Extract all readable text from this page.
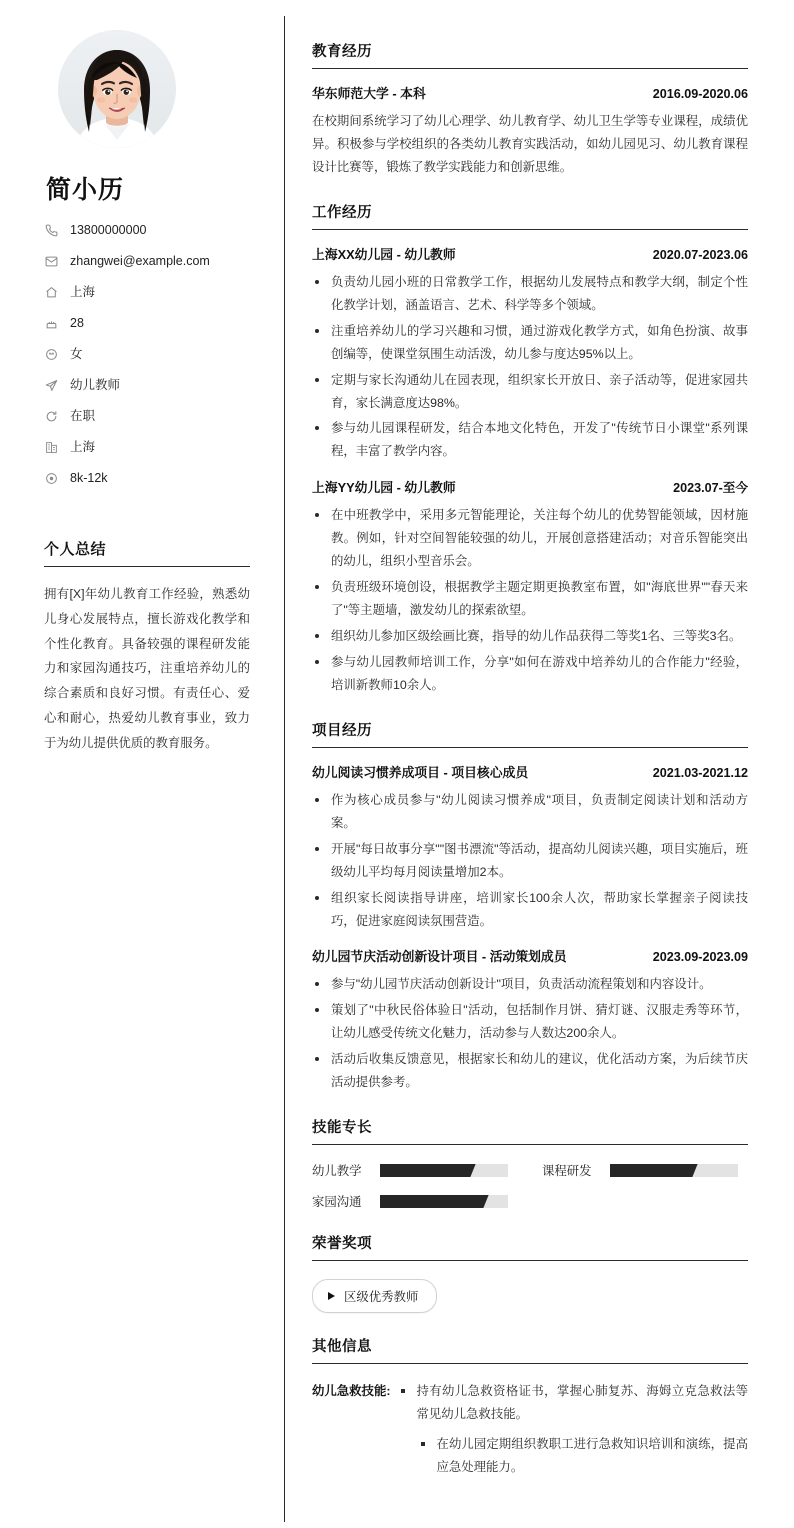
简小历
13800000000
zhangwei@example.com
上海
28
女
幼儿教师
在职
上海
8k-12k
个人总结

拥有[X]年幼儿教育工作经验，熟悉幼儿身心发展特点，擅长游戏化教学和个性化教育。具备较强的课程研发能力和家园沟通技巧，注重培养幼儿的综合素质和良好习惯。有责任心、爱心和耐心，热爱幼儿教育事业，致力于为幼儿提供优质的教育服务。

教育经历
华东师范大学 - 本科	2016.09-2020.06

在校期间系统学习了幼儿心理学、幼儿教育学、幼儿卫生学等专业课程，成绩优异。积极参与学校组织的各类幼儿教育实践活动，如幼儿园见习、幼儿教育课程设计比赛等，锻炼了教学实践能力和创新思维。

工作经历
上海XX幼儿园 - 幼儿教师	2020.07-2023.06
负责幼儿园小班的日常教学工作，根据幼儿发展特点和教学大纲，制定个性化教学计划，涵盖语言、艺术、科学等多个领域。
注重培养幼儿的学习兴趣和习惯，通过游戏化教学方式，如角色扮演、故事创编等，使课堂氛围生动活泼，幼儿参与度达95%以上。
定期与家长沟通幼儿在园表现，组织家长开放日、亲子活动等，促进家园共育，家长满意度达98%。
参与幼儿园课程研发，结合本地文化特色，开发了"传统节日小课堂"系列课程，丰富了教学内容。
上海YY幼儿园 - 幼儿教师	2023.07-至今
在中班教学中，采用多元智能理论，关注每个幼儿的优势智能领域，因材施教。例如，针对空间智能较强的幼儿，开展创意搭建活动；对音乐智能突出的幼儿，组织小型音乐会。
负责班级环境创设，根据教学主题定期更换教室布置，如"海底世界""春天来了"等主题墙，激发幼儿的探索欲望。
组织幼儿参加区级绘画比赛，指导的幼儿作品获得二等奖1名、三等奖3名。
参与幼儿园教师培训工作，分享"如何在游戏中培养幼儿的合作能力"经验，培训新教师10余人。
项目经历
幼儿阅读习惯养成项目 - 项目核心成员	2021.03-2021.12
作为核心成员参与"幼儿阅读习惯养成"项目，负责制定阅读计划和活动方案。
开展"每日故事分享""图书漂流"等活动，提高幼儿阅读兴趣，项目实施后，班级幼儿平均每月阅读量增加2本。
组织家长阅读指导讲座，培训家长100余人次，帮助家长掌握亲子阅读技巧，促进家庭阅读氛围营造。
幼儿园节庆活动创新设计项目 - 活动策划成员	2023.09-2023.09
参与"幼儿园节庆活动创新设计"项目，负责活动流程策划和内容设计。
策划了"中秋民俗体验日"活动，包括制作月饼、猜灯谜、汉服走秀等环节，让幼儿感受传统文化魅力，活动参与人数达200余人。
活动后收集反馈意见，根据家长和幼儿的建议，优化活动方案，为后续节庆活动提供参考。
技能专长
幼儿教学	课程研发
家园沟通
荣誉奖项
区级优秀教师
其他信息
幼儿急救技能:	持有幼儿急救资格证书，掌握心肺复苏、海姆立克急救法等常见幼儿急救技能。
在幼儿园定期组织教职工进行急救知识培训和演练，提高应急处理能力。
